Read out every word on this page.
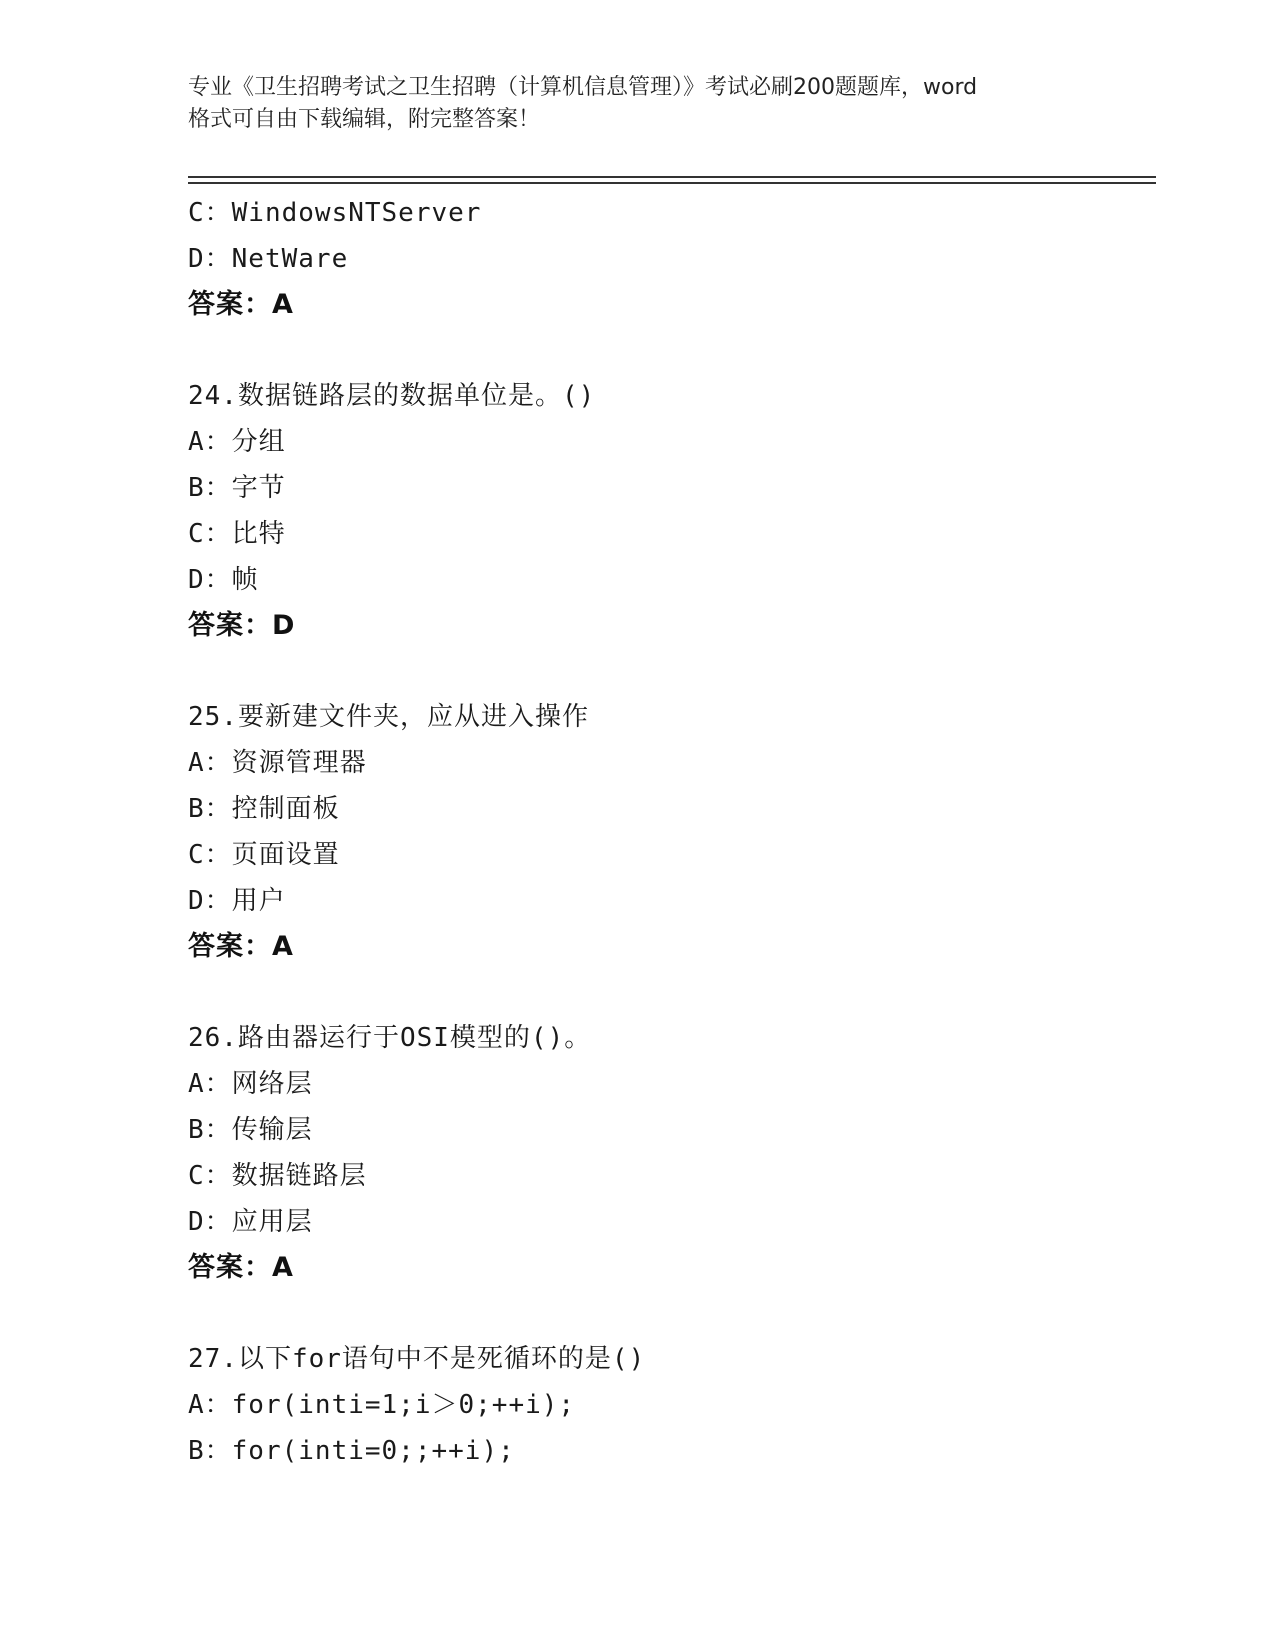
专业《卫生招聘考试之卫生招聘（计算机信息管理）》考试必刷200题题库，word
格式可自由下载编辑，附完整答案！
C：WindowsNTServer
D：NetWare
答案：A
24.数据链路层的数据单位是。()
A：分组
B：字节
C：比特
D：帧
答案：D
25.要新建文件夹，应从进入操作
A：资源管理器
B：控制面板
C：页面设置
D：用户
答案：A
26.路由器运行于OSI模型的()。
A：网络层
B：传输层
C：数据链路层
D：应用层
答案：A
27.以下for语句中不是死循环的是()
A：for(inti=1;i＞0;++i);
B：for(inti=0;;++i);
